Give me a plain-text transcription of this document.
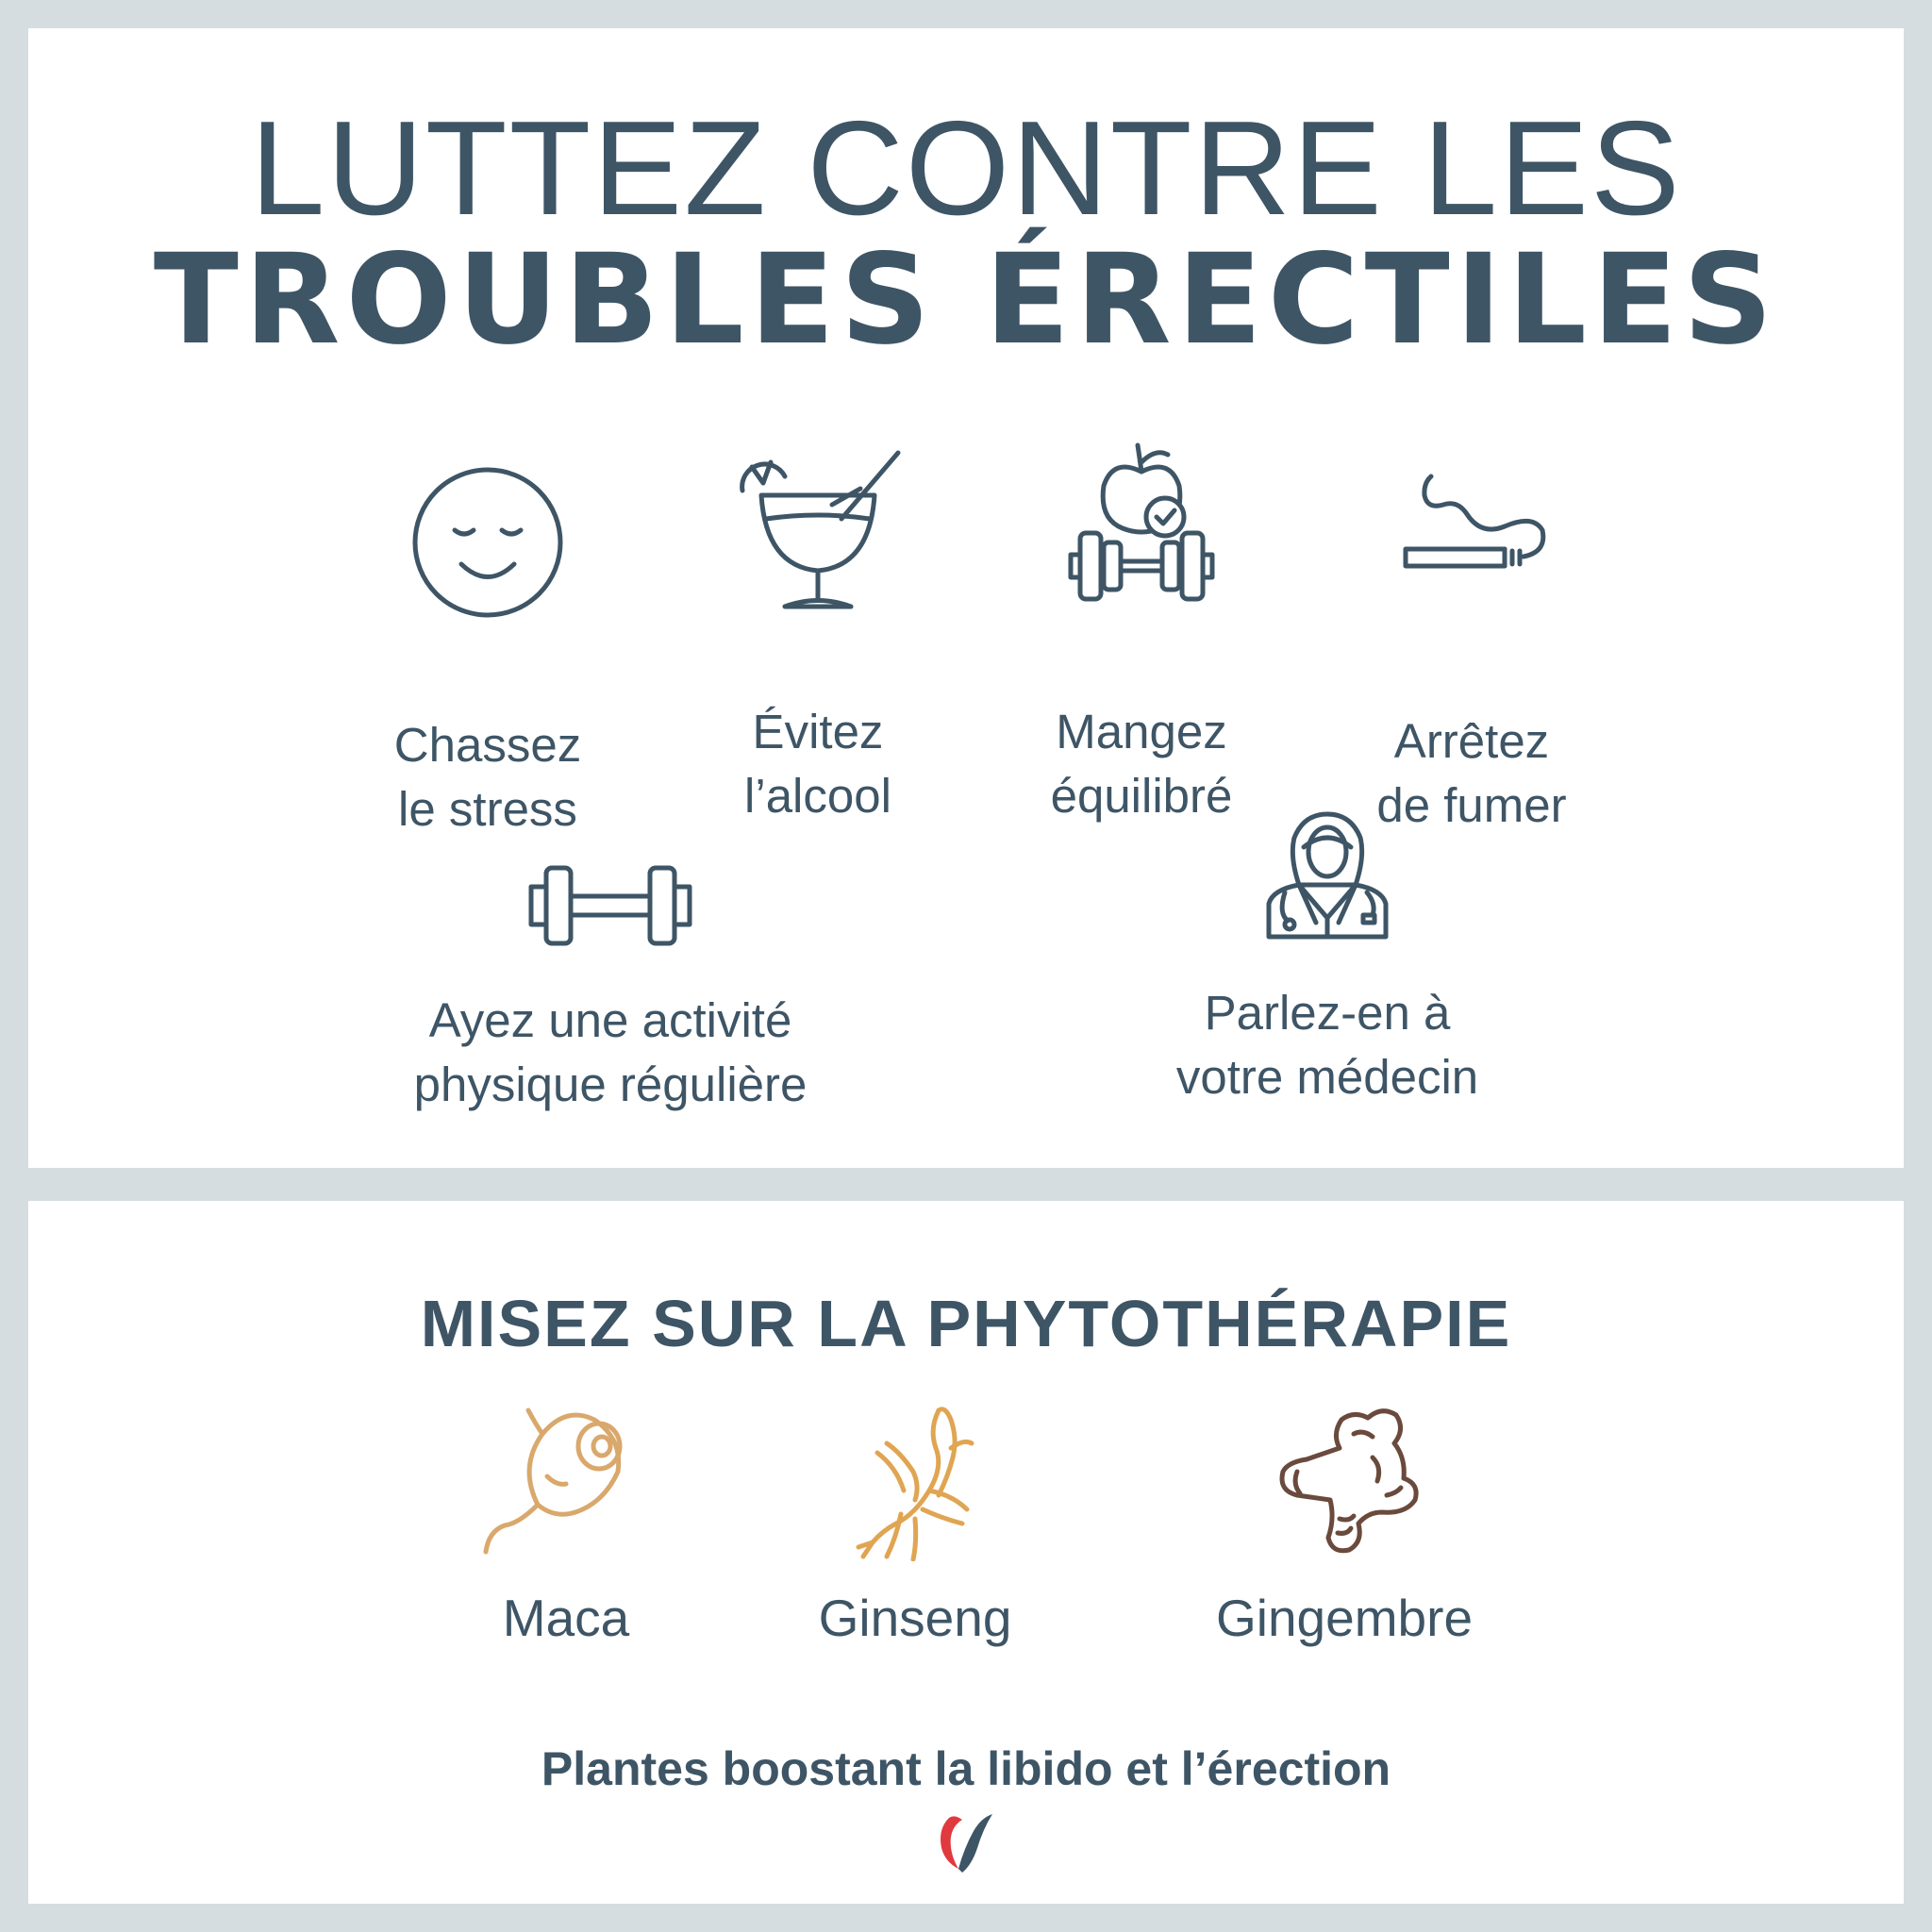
LUTTEZ CONTRE LES
TROUBLES ÉRECTILES
Chassez
le stress
Évitez
l’alcool
Mangez
équilibré
Arrêtez
de fumer
Ayez une activité
physique régulière
Parlez-en à
votre médecin
MISEZ SUR LA PHYTOTHÉRAPIE
Maca	Ginseng	Gingembre
Plantes boostant la libido et l’érection
